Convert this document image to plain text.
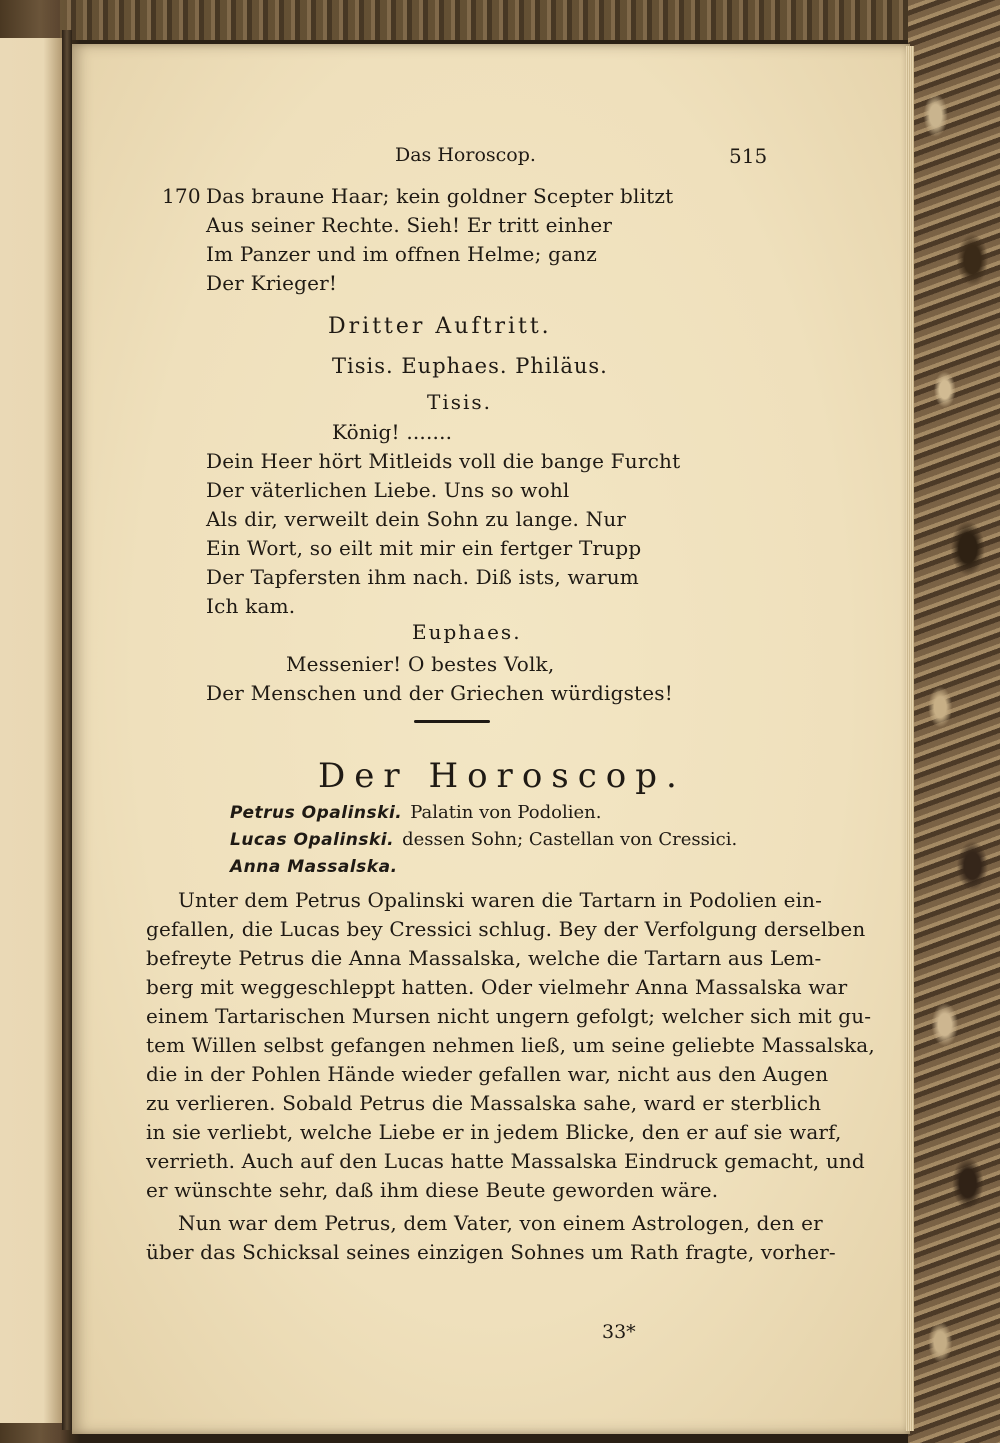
Das Horoscop.	515
170 Das braune Haar; kein goldner Scepter blitzt
Aus seiner Rechte. Sieh! Er tritt einher
Im Panzer und im offnen Helme; ganz
Der Krieger!
Dritter Auftritt.
Tisis. Euphaes. Philäus.
Tisis.
König! .......
Dein Heer hört Mitleids voll die bange Furcht
Der väterlichen Liebe. Uns so wohl
Als dir, verweilt dein Sohn zu lange. Nur
Ein Wort, so eilt mit mir ein fertger Trupp
Der Tapfersten ihm nach. Diß ists, warum
Ich kam.
Euphaes.
Messenier! O bestes Volk,
Der Menschen und der Griechen würdigstes!
Der Horoscop.
Petrus Opalinski. Palatin von Podolien.
Lucas Opalinski. dessen Sohn; Castellan von Cressici.
Anna Massalska.
Unter dem Petrus Opalinski waren die Tartarn in Podolien ein-
gefallen, die Lucas bey Cressici schlug. Bey der Verfolgung derselben
befreyte Petrus die Anna Massalska, welche die Tartarn aus Lem-
berg mit weggeschleppt hatten. Oder vielmehr Anna Massalska war
einem Tartarischen Mursen nicht ungern gefolgt; welcher sich mit gu-
tem Willen selbst gefangen nehmen ließ, um seine geliebte Massalska,
die in der Pohlen Hände wieder gefallen war, nicht aus den Augen
zu verlieren. Sobald Petrus die Massalska sahe, ward er sterblich
in sie verliebt, welche Liebe er in jedem Blicke, den er auf sie warf,
verrieth. Auch auf den Lucas hatte Massalska Eindruck gemacht, und
er wünschte sehr, daß ihm diese Beute geworden wäre.
Nun war dem Petrus, dem Vater, von einem Astrologen, den er
über das Schicksal seines einzigen Sohnes um Rath fragte, vorher-
33*
